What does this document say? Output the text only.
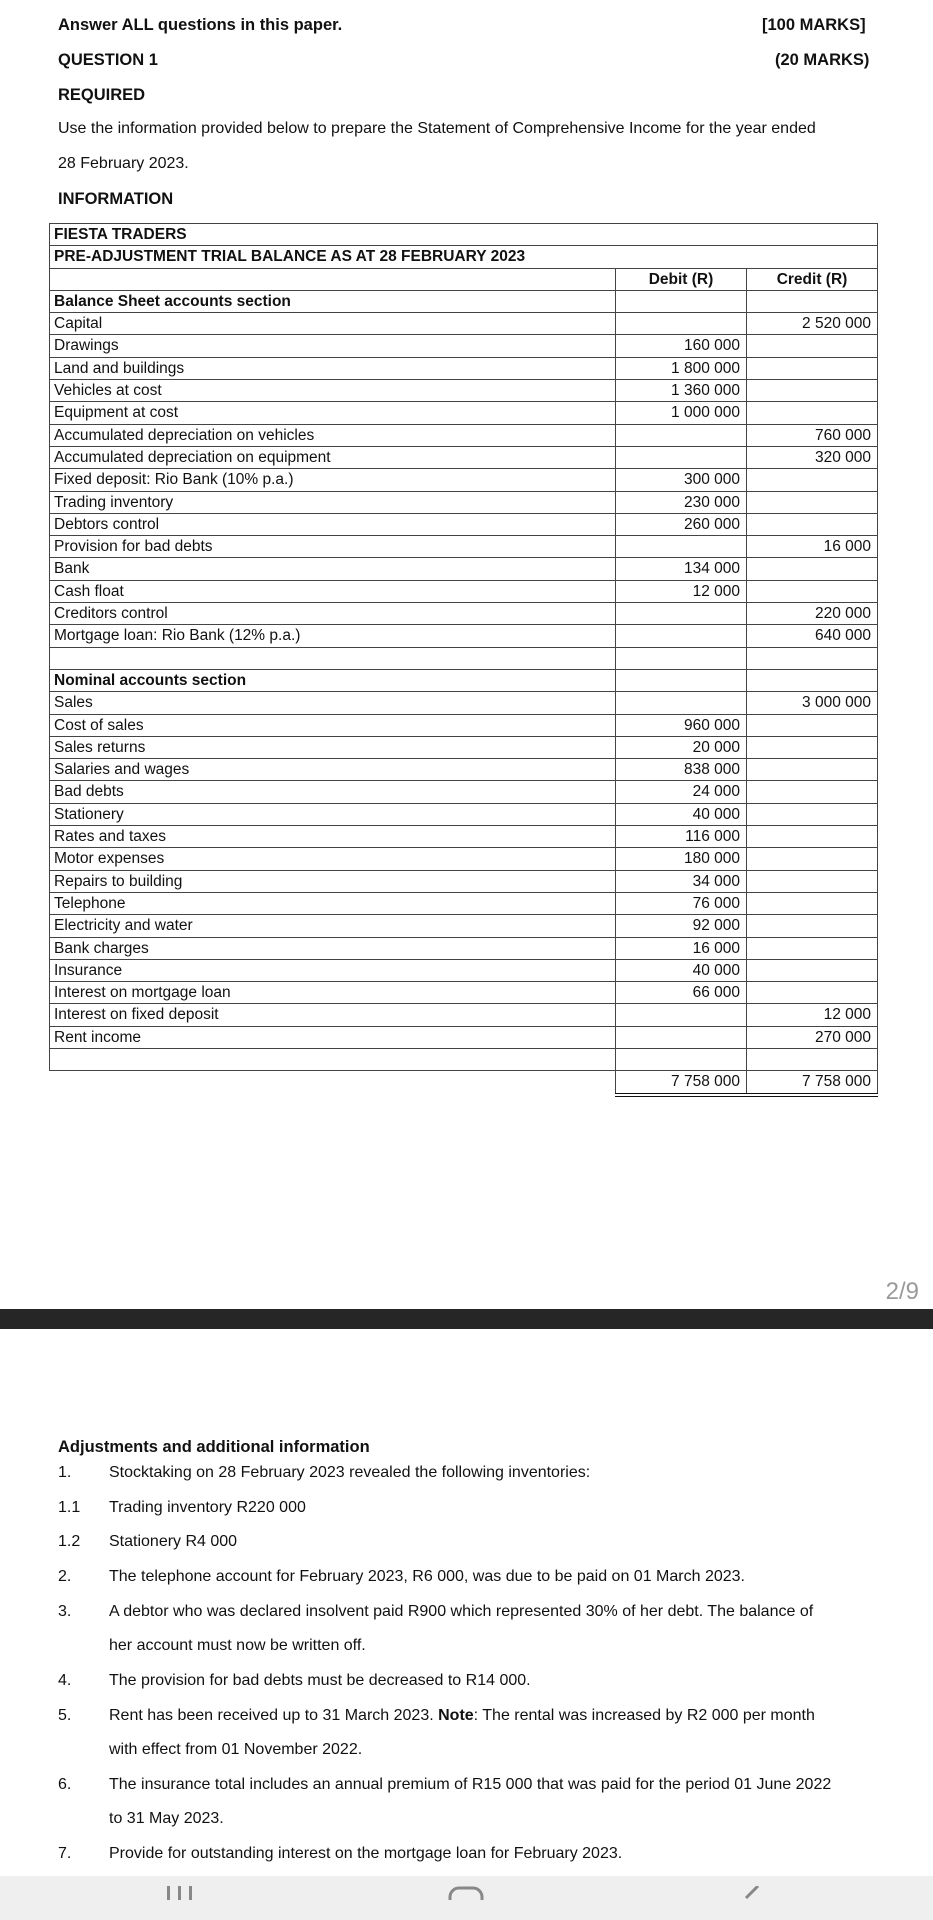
Answer ALL questions in this paper.	[100 MARKS]
QUESTION 1	(20 MARKS)
REQUIRED
Use the information provided below to prepare the Statement of Comprehensive Income for the year ended
28 February 2023.
INFORMATION
FIESTA TRADERS		
PRE-ADJUSTMENT TRIAL BALANCE AS AT 28 FEBRUARY 2023		
	Debit (R)	Credit (R)
Balance Sheet accounts section		
Capital		2 520 000
Drawings	160 000	
Land and buildings	1 800 000	
Vehicles at cost	1 360 000	
Equipment at cost	1 000 000	
Accumulated depreciation on vehicles		760 000
Accumulated depreciation on equipment		320 000
Fixed deposit: Rio Bank (10% p.a.)	300 000	
Trading inventory	230 000	
Debtors control	260 000	
Provision for bad debts		16 000
Bank	134 000	
Cash float	12 000	
Creditors control		220 000
Mortgage loan: Rio Bank (12% p.a.)		640 000

Nominal accounts section		
Sales		3 000 000
Cost of sales	960 000	
Sales returns	20 000	
Salaries and wages	838 000	
Bad debts	24 000	
Stationery	40 000	
Rates and taxes	116 000	
Motor expenses	180 000	
Repairs to building	34 000	
Telephone	76 000	
Electricity and water	92 000	
Bank charges	16 000	
Insurance	40 000	
Interest on mortgage loan	66 000	
Interest on fixed deposit		12 000
Rent income		270 000

	7 758 000	7 758 000
2/9
Adjustments and additional information
1.	Stocktaking on 28 February 2023 revealed the following inventories:
1.1	Trading inventory R220 000
1.2	Stationery R4 000
2.	The telephone account for February 2023, R6 000, was due to be paid on 01 March 2023.
3.	A debtor who was declared insolvent paid R900 which represented 30% of her debt. The balance of
her account must now be written off.
4.	The provision for bad debts must be decreased to R14 000.
5.	Rent has been received up to 31 March 2023. Note: The rental was increased by R2 000 per month
with effect from 01 November 2022.
6.	The insurance total includes an annual premium of R15 000 that was paid for the period 01 June 2022
to 31 May 2023.
7.	Provide for outstanding interest on the mortgage loan for February 2023.
